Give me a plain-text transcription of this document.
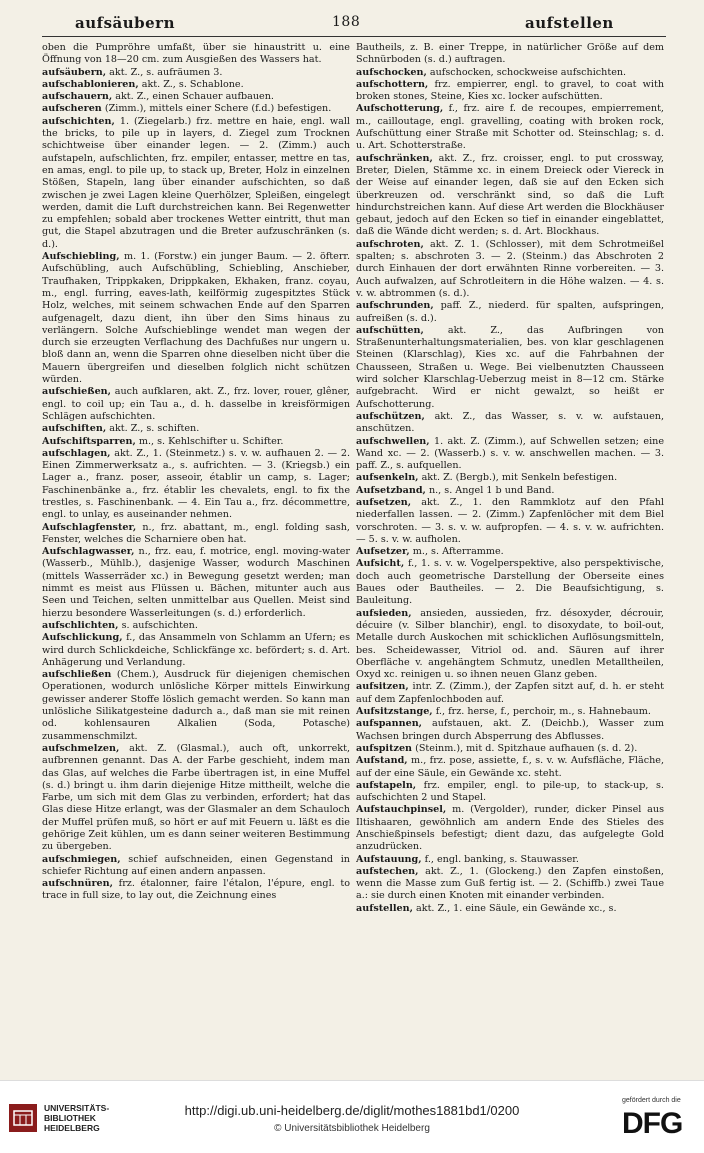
aufsäubern	188	aufstellen

oben die Pumpröhre umfaßt, über sie hinaustritt u. eine Öffnung von 18—20 cm. zum Ausgießen des Wassers hat.

aufsäubern, akt. Z., s. aufräumen 3.

aufschablonieren, akt. Z., s. Schablone.

aufschauern, akt. Z., einen Schauer aufbauen.

aufscheren (Zimm.), mittels einer Schere (f.d.) befestigen.

aufschichten, 1. (Ziegelarb.) frz. mettre en haie, engl. wall the bricks, to pile up in layers, d. Ziegel zum Trocknen schichtweise über einander legen. — 2. (Zimm.) auch aufstapeln, aufschlichten, frz. empiler, entasser, mettre en tas, en amas, engl. to pile up, to stack up, Breter, Holz in einzelnen Stößen, Stapeln, lang über einander aufschichten, so daß zwischen je zwei Lagen kleine Querhölzer, Spleißen, eingelegt werden, damit die Luft durchstreichen kann. Bei Regenwetter zu empfehlen; sobald aber trockenes Wetter eintritt, thut man gut, die Stapel abzutragen und die Breter aufzuschränken (s. d.).

Aufschiebling, m. 1. (Forstw.) ein junger Baum. — 2. öfterr. Aufschübling, auch Aufschübling, Schiebling, Anschieber, Traufhaken, Trippkaken, Drippkaken, Ekhaken, franz. coyau, m., engl. furring, eaves-lath, keilförmig zugespitztes Stück Holz, welches, mit seinem schwachen Ende auf den Sparren aufgenagelt, dazu dient, ihn über den Sims hinaus zu verlängern. Solche Aufschieblinge wendet man wegen der durch sie erzeugten Verflachung des Dachfußes nur ungern u. bloß dann an, wenn die Sparren ohne dieselben nicht über die Mauern übergreifen und dieselben folglich nicht schützen würden.

aufschießen, auch aufklaren, akt. Z., frz. lover, rouer, glêner, engl. to coil up; ein Tau a., d. h. dasselbe in kreisförmigen Schlägen aufschichten.

aufschiften, akt. Z., s. schiften.

Aufschiftsparren, m., s. Kehlschifter u. Schifter.

aufschlagen, akt. Z., 1. (Steinmetz.) s. v. w. aufhauen 2. — 2. Einen Zimmerwerksatz a., s. aufrichten. — 3. (Kriegsb.) ein Lager a., franz. poser, asseoir, établir un camp, s. Lager; Faschinenbänke a., frz. établir les chevalets, engl. to fix the trestles, s. Faschinenbank. — 4. Ein Tau a., frz. décommettre, engl. to unlay, es auseinander nehmen.

Aufschlagfenster, n., frz. abattant, m., engl. folding sash, Fenster, welches die Scharniere oben hat.

Aufschlagwasser, n., frz. eau, f. motrice, engl. moving-water (Wasserb., Mühlb.), dasjenige Wasser, wodurch Maschinen (mittels Wasserräder xc.) in Bewegung gesetzt werden; man nimmt es meist aus Flüssen u. Bächen, mitunter auch aus Seen und Teichen, selten unmittelbar aus Quellen. Meist sind hierzu besondere Wasserleitungen (s. d.) erforderlich.

aufschlichten, s. aufschichten.

Aufschlickung, f., das Ansammeln von Schlamm an Ufern; es wird durch Schlickdeiche, Schlickfänge xc. befördert; s. d. Art. Anhägerung und Verlandung.

aufschließen (Chem.), Ausdruck für diejenigen chemischen Operationen, wodurch unlösliche Körper mittels Einwirkung gewisser anderer Stoffe löslich gemacht werden. So kann man unlösliche Silikatgesteine dadurch a., daß man sie mit reinen od. kohlensauren Alkalien (Soda, Potasche) zusammenschmilzt.

aufschmelzen, akt. Z. (Glasmal.), auch oft, unkorrekt, aufbrennen genannt. Das A. der Farbe geschieht, indem man das Glas, auf welches die Farbe übertragen ist, in eine Muffel (s. d.) bringt u. ihm darin diejenige Hitze mittheilt, welche die Farbe, um sich mit dem Glas zu verbinden, erfordert; hat das Glas diese Hitze erlangt, was der Glasmaler an dem Schauloch der Muffel prüfen muß, so hört er auf mit Feuern u. läßt es die gehörige Zeit kühlen, um es dann seiner weiteren Bestimmung zu übergeben.

aufschmiegen, schief aufschneiden, einen Gegenstand in schiefer Richtung auf einen andern anpassen.

aufschnüren, frz. étalonner, faire l'étalon, l'épure, engl. to trace in full size, to lay out, die Zeichnung eines

Bautheils, z. B. einer Treppe, in natürlicher Größe auf dem Schnürboden (s. d.) auftragen.

aufschocken, aufschocken, schockweise aufschichten.

aufschottern, frz. empierrer, engl. to gravel, to coat with broken stones, Steine, Kies xc. locker aufschütten.

Aufschotterung, f., frz. aire f. de recoupes, empierrement, m., cailloutage, engl. gravelling, coating with broken rock, Aufschüttung einer Straße mit Schotter od. Steinschlag; s. d. u. Art. Schotterstraße.

aufschränken, akt. Z., frz. croisser, engl. to put crossway, Breter, Dielen, Stämme xc. in einem Dreieck oder Viereck in der Weise auf einander legen, daß sie auf den Ecken sich überkreuzen od. verschränkt sind, so daß die Luft hindurchstreichen kann. Auf diese Art werden die Blockhäuser gebaut, jedoch auf den Ecken so tief in einander eingeblattet, daß die Wände dicht werden; s. d. Art. Blockhaus.

aufschroten, akt. Z. 1. (Schlosser), mit dem Schrotmeißel spalten; s. abschroten 3. — 2. (Steinm.) das Abschroten 2 durch Einhauen der dort erwähnten Rinne vorbereiten. — 3. Auch aufwalzen, auf Schrotleitern in die Höhe walzen. — 4. s. v. w. abtrommen (s. d.).

aufschrunden, paff. Z., niederd. für spalten, aufspringen, aufreißen (s. d.).

aufschütten,	akt. Z., das Aufbringen von Straßenunterhaltungsmaterialien, bes. von klar geschlagenen Steinen (Klarschlag), Kies xc. auf die Fahrbahnen der Chausseen, Straßen u. Wege. Bei vielbenutzten Chausseen wird solcher Klarschlag-Ueberzug meist in 8—12 cm. Stärke aufgebracht. Wird er nicht gewalzt, so heißt er Aufschotterung.

aufschützen, akt. Z., das Wasser, s. v. w. aufstauen, anschützen.

aufschwellen, 1. akt. Z. (Zimm.), auf Schwellen setzen; eine Wand xc. — 2. (Wasserb.) s. v. w. anschwellen machen. — 3. paff. Z., s. aufquellen.

aufsenkeln, akt. Z. (Bergb.), mit Senkeln befestigen.

Aufsetzband, n., s. Angel 1 b und Band.

aufsetzen, akt. Z., 1. den Rammklotz auf den Pfahl niederfallen lassen. — 2. (Zimm.) Zapfenlöcher mit dem Biel vorschroten. — 3. s. v. w. aufpropfen. — 4. s. v. w. aufrichten. — 5. s. v. w. aufholen.

Aufsetzer, m., s. Afterramme.

Aufsicht, f., 1. s. v. w. Vogelperspektive, also perspektivische, doch auch geometrische Darstellung der Oberseite eines Baues oder Bautheiles. — 2. Die Beaufsichtigung, s. Bauleitung.

aufsieden, ansieden, aussieden, frz. désoxyder, décrouir, décuire (v. Silber blanchir), engl. to disoxydate, to boil-out, Metalle durch Auskochen mit schicklichen Auflösungsmitteln, bes. Scheidewasser, Vitriol od. and. Säuren auf ihrer Oberfläche v. angehängtem Schmutz, unedlen Metalltheilen, Oxyd xc. reinigen u. so ihnen neuen Glanz geben.

aufsitzen, intr. Z. (Zimm.), der Zapfen sitzt auf, d. h. er steht auf dem Zapfenlochboden auf.

Aufsitzstange, f., frz. herse, f., perchoir, m., s. Hahnebaum.

aufspannen, aufstauen, akt. Z. (Deichb.), Wasser zum Wachsen bringen durch Absperrung des Abflusses.

aufspitzen (Steinm.), mit d. Spitzhaue aufhauen (s. d. 2).

Aufstand, m., frz. pose, assiette, f., s. v. w. Aufsfläche, Fläche, auf der eine Säule, ein Gewände xc. steht.

aufstapeln, frz. empiler, engl. to pile-up, to stack-up, s. aufschichten 2 und Stapel.

Aufstauchpinsel, m. (Vergolder), runder, dicker Pinsel aus Iltishaaren, gewöhnlich am andern Ende des Stieles des Anschießpinsels befestigt; dient dazu, das aufgelegte Gold anzudrücken.

Aufstauung, f., engl. banking, s. Stauwasser.

aufstechen, akt. Z., 1. (Glockeng.) den Zapfen einstoßen, wenn die Masse zum Guß fertig ist. — 2. (Schiffb.) zwei Taue a.: sie durch einen Knoten mit einander verbinden.

aufstellen, akt. Z., 1. eine Säule, ein Gewände xc., s.

UNIVERSITÄTS-BIBLIOTHEK HEIDELBERG
http://digi.ub.uni-heidelberg.de/diglit/mothes1881bd1/0200
© Universitätsbibliothek Heidelberg
gefördert durch die
DFG
